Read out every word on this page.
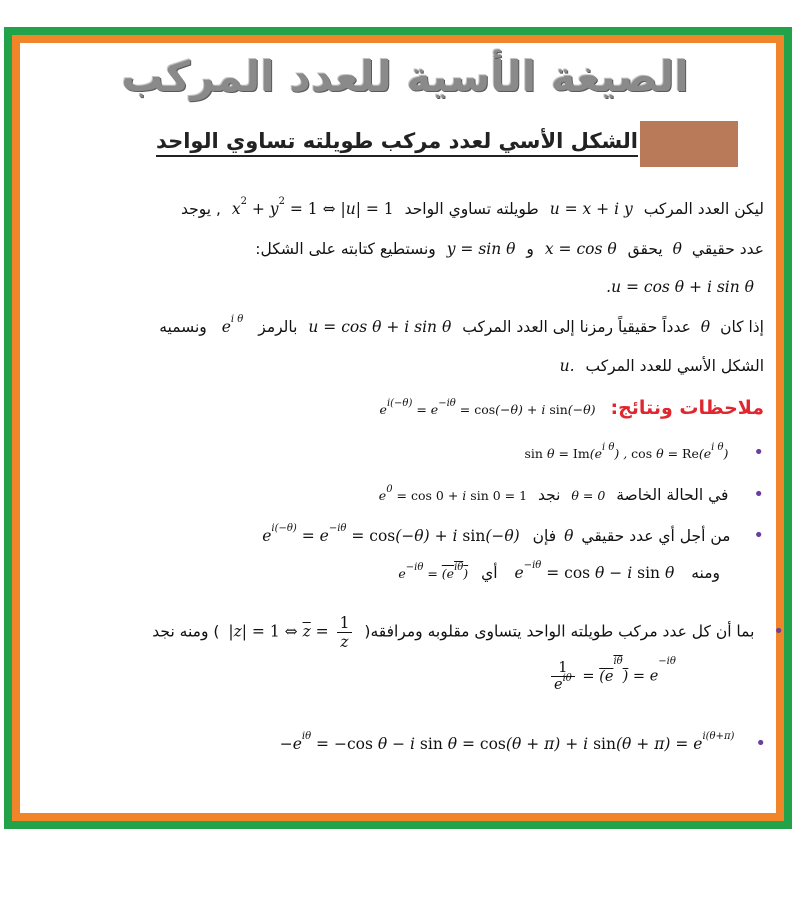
الصيغة الأسية للعدد المركب
الشكل الأسي لعدد مركب طويلته تساوي الواحد
ليكن العدد المركب u = x + i y طويلته تساوي الواحد $x^2 + y^2 = 1$ ⇔ |u| = 1 , يوجد
عدد حقيقي θ يحقق x = cos θ و y = sin θ ونستطيع كتابته على الشكل:
.u = cos θ + i sin θ
إذا كان θ عدداً حقيقياً رمزنا إلى العدد المركب u = cos θ + i sin θ بالرمز $e^{i \theta}$ ونسميه
الشكل الأسي للعدد المركب u.
ملاحظات ونتائج: $e^{i(-\theta)} = e^{-i\theta} = \cos(-\theta) + i$ sin(−θ)
• $\sin \theta = Im(e^{i \theta})$ , $\cos \theta = Re(e^{i \theta})$
• في الحالة الخاصة θ = 0 نجد $e^0 = \cos 0 + i$ sin 0 = 1
• من أجل أي عدد حقيقي θ فإن $e^{i(-\theta)} = e^{-i\theta} = \cos(-\theta) + i$ sin(−θ)
ومنه $e^{-i\theta} = \cos \theta - i$ sin θ أي $e^{-i\theta} = (e^{i\theta})$
• بما أن كل عدد مركب طويلته الواحد يتساوى مقلوبه ومرافقه( |z| = 1 ⇔ $\overline{z} = \frac{1}{z}$
) ومنه نجد
$\frac{1}{e^{i\theta}} = (e^{i\theta}) = e^{-i\theta}$
• $-e^{i\theta} = -\cos$ θ − i sin θ = cos(θ + π) + i $\sin(\theta + \pi) = e^{i(\theta+\pi)}$
